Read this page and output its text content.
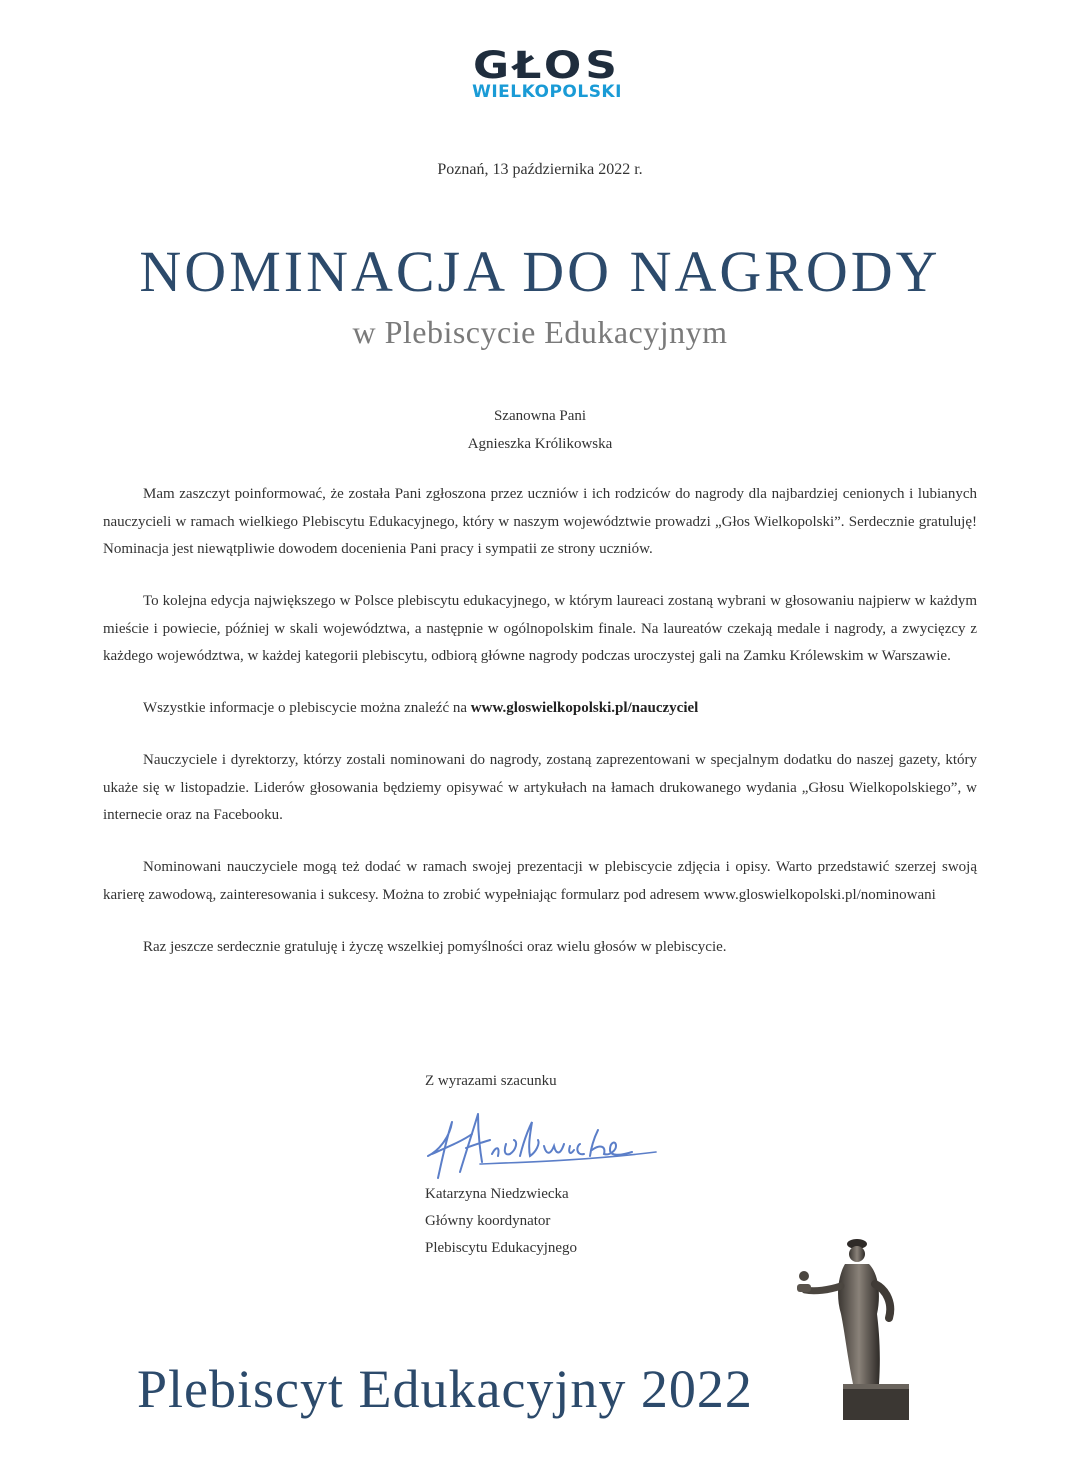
GŁOS
WIELKOPOLSKI
Poznań, 13 października 2022 r.
NOMINACJA DO NAGRODY
w Plebiscycie Edukacyjnym
Szanowna Pani
Agnieszka Królikowska

Mam zaszczyt poinformować, że została Pani zgłoszona przez uczniów i ich rodziców do nagrody dla najbardziej cenionych i lubianych nauczycieli w ramach wielkiego Plebiscytu Edukacyjnego, który w naszym województwie prowadzi „Głos Wielkopolski”. Serdecznie gratuluję! Nominacja jest niewątpliwie dowodem docenienia Pani pracy i sympatii ze strony uczniów.

To kolejna edycja największego w Polsce plebiscytu edukacyjnego, w którym laureaci zostaną wybrani w głosowaniu najpierw w każdym mieście i powiecie, później w skali województwa, a następnie w ogólnopolskim finale. Na laureatów czekają medale i nagrody, a zwycięzcy z każdego województwa, w każdej kategorii plebiscytu, odbiorą główne nagrody podczas uroczystej gali na Zamku Królewskim w Warszawie.

Wszystkie informacje o plebiscycie można znaleźć na www.gloswielkopolski.pl/nauczyciel

Nauczyciele i dyrektorzy, którzy zostali nominowani do nagrody, zostaną zaprezentowani w specjalnym dodatku do naszej gazety, który ukaże się w listopadzie. Liderów głosowania będziemy opisywać w artykułach na łamach drukowanego wydania „Głosu Wielkopolskiego”, w internecie oraz na Facebooku.

Nominowani nauczyciele mogą też dodać w ramach swojej prezentacji w plebiscycie zdjęcia i opisy. Warto przedstawić szerzej swoją karierę zawodową, zainteresowania i sukcesy. Można to zrobić wypełniając formularz pod adresem www.gloswielkopolski.pl/nominowani

Raz jeszcze serdecznie gratuluję i życzę wszelkiej pomyślności oraz wielu głosów w plebiscycie.

Z wyrazami szacunku
Katarzyna Niedzwiecka
Główny koordynator
Plebiscytu Edukacyjnego
Plebiscyt Edukacyjny 2022
